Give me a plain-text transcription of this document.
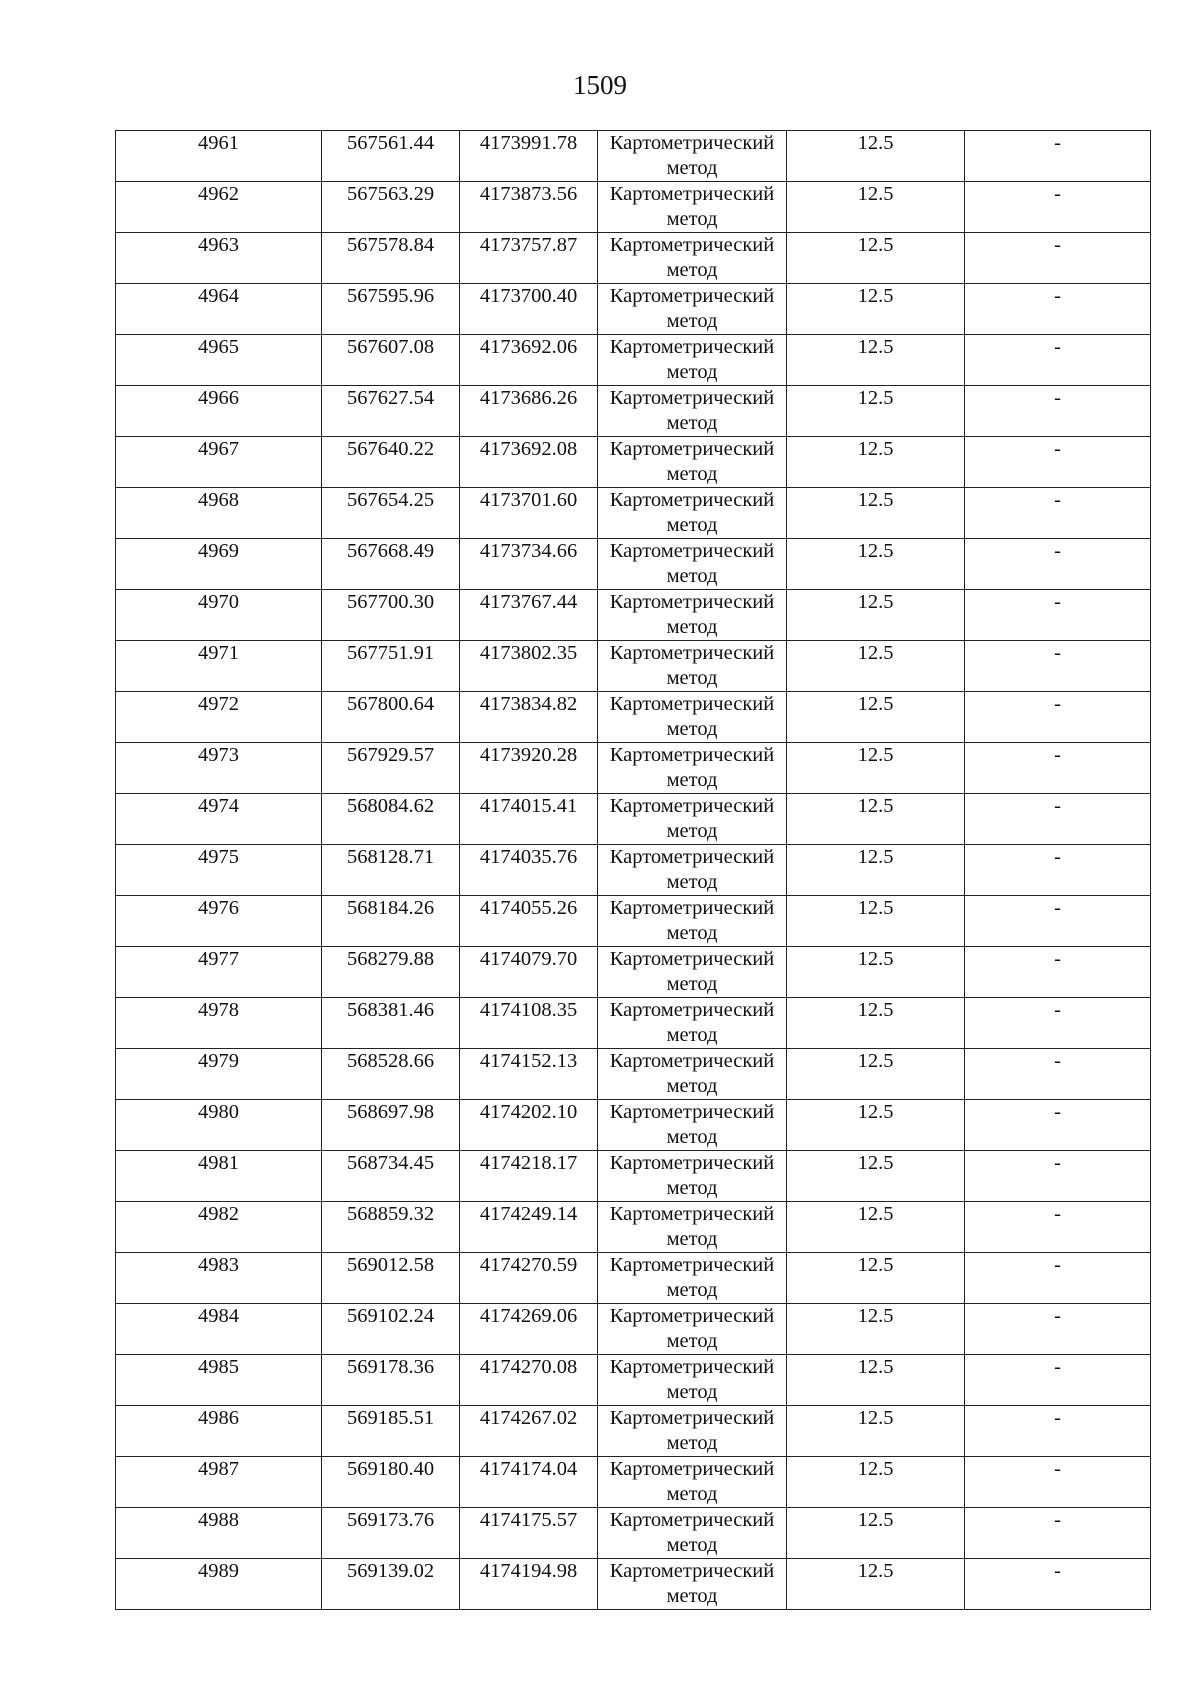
1509
4961	567561.44	4173991.78	Картометрический метод	12.5	-
4962	567563.29	4173873.56	Картометрический метод	12.5	-
4963	567578.84	4173757.87	Картометрический метод	12.5	-
4964	567595.96	4173700.40	Картометрический метод	12.5	-
4965	567607.08	4173692.06	Картометрический метод	12.5	-
4966	567627.54	4173686.26	Картометрический метод	12.5	-
4967	567640.22	4173692.08	Картометрический метод	12.5	-
4968	567654.25	4173701.60	Картометрический метод	12.5	-
4969	567668.49	4173734.66	Картометрический метод	12.5	-
4970	567700.30	4173767.44	Картометрический метод	12.5	-
4971	567751.91	4173802.35	Картометрический метод	12.5	-
4972	567800.64	4173834.82	Картометрический метод	12.5	-
4973	567929.57	4173920.28	Картометрический метод	12.5	-
4974	568084.62	4174015.41	Картометрический метод	12.5	-
4975	568128.71	4174035.76	Картометрический метод	12.5	-
4976	568184.26	4174055.26	Картометрический метод	12.5	-
4977	568279.88	4174079.70	Картометрический метод	12.5	-
4978	568381.46	4174108.35	Картометрический метод	12.5	-
4979	568528.66	4174152.13	Картометрический метод	12.5	-
4980	568697.98	4174202.10	Картометрический метод	12.5	-
4981	568734.45	4174218.17	Картометрический метод	12.5	-
4982	568859.32	4174249.14	Картометрический метод	12.5	-
4983	569012.58	4174270.59	Картометрический метод	12.5	-
4984	569102.24	4174269.06	Картометрический метод	12.5	-
4985	569178.36	4174270.08	Картометрический метод	12.5	-
4986	569185.51	4174267.02	Картометрический метод	12.5	-
4987	569180.40	4174174.04	Картометрический метод	12.5	-
4988	569173.76	4174175.57	Картометрический метод	12.5	-
4989	569139.02	4174194.98	Картометрический метод	12.5	-
